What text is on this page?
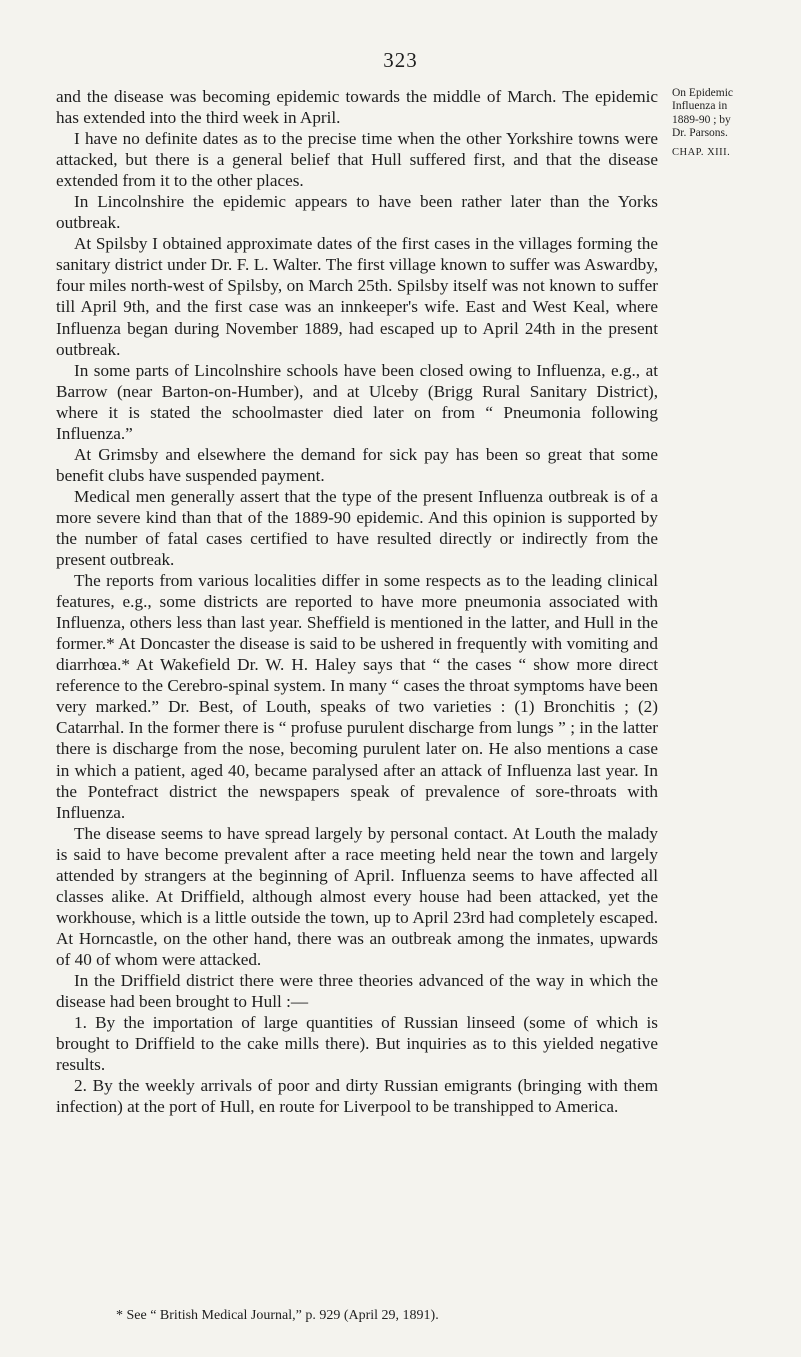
323
On Epidemic
Influenza in
1889-90 ; by
Dr. Parsons.
CHAP. XIII.

and the disease was becoming epidemic towards the middle of March. The epidemic has extended into the third week in April.

I have no definite dates as to the precise time when the other Yorkshire towns were attacked, but there is a general belief that Hull suffered first, and that the disease extended from it to the other places.

In Lincolnshire the epidemic appears to have been rather later than the Yorks outbreak.

At Spilsby I obtained approximate dates of the first cases in the villages forming the sanitary district under Dr. F. L. Walter. The first village known to suffer was Aswardby, four miles north-west of Spilsby, on March 25th. Spilsby itself was not known to suffer till April 9th, and the first case was an innkeeper's wife. East and West Keal, where Influenza began during November 1889, had escaped up to April 24th in the present outbreak.

In some parts of Lincolnshire schools have been closed owing to Influenza, e.g., at Barrow (near Barton-on-Humber), and at Ulceby (Brigg Rural Sanitary District), where it is stated the schoolmaster died later on from “ Pneumonia following Influenza.”

At Grimsby and elsewhere the demand for sick pay has been so great that some benefit clubs have suspended payment.

Medical men generally assert that the type of the present Influenza outbreak is of a more severe kind than that of the 1889-90 epidemic. And this opinion is supported by the number of fatal cases certified to have resulted directly or indirectly from the present outbreak.

The reports from various localities differ in some respects as to the leading clinical features, e.g., some districts are reported to have more pneumonia associated with Influenza, others less than last year. Sheffield is mentioned in the latter, and Hull in the former.* At Doncaster the disease is said to be ushered in frequently with vomiting and diarrhœa.* At Wakefield Dr. W. H. Haley says that “ the cases “ show more direct reference to the Cerebro-spinal system. In many “ cases the throat symptoms have been very marked.” Dr. Best, of Louth, speaks of two varieties : (1) Bronchitis ; (2) Catarrhal. In the former there is “ profuse purulent discharge from lungs ” ; in the latter there is discharge from the nose, becoming purulent later on. He also mentions a case in which a patient, aged 40, became paralysed after an attack of Influenza last year. In the Pontefract district the newspapers speak of prevalence of sore-throats with Influenza.

The disease seems to have spread largely by personal contact. At Louth the malady is said to have become prevalent after a race meeting held near the town and largely attended by strangers at the beginning of April. Influenza seems to have affected all classes alike. At Driffield, although almost every house had been attacked, yet the workhouse, which is a little outside the town, up to April 23rd had completely escaped. At Horncastle, on the other hand, there was an outbreak among the inmates, upwards of 40 of whom were attacked.

In the Driffield district there were three theories advanced of the way in which the disease had been brought to Hull :—

1. By the importation of large quantities of Russian linseed (some of which is brought to Driffield to the cake mills there). But inquiries as to this yielded negative results.

2. By the weekly arrivals of poor and dirty Russian emigrants (bringing with them infection) at the port of Hull, en route for Liverpool to be transhipped to America.

* See “ British Medical Journal,” p. 929 (April 29, 1891).
